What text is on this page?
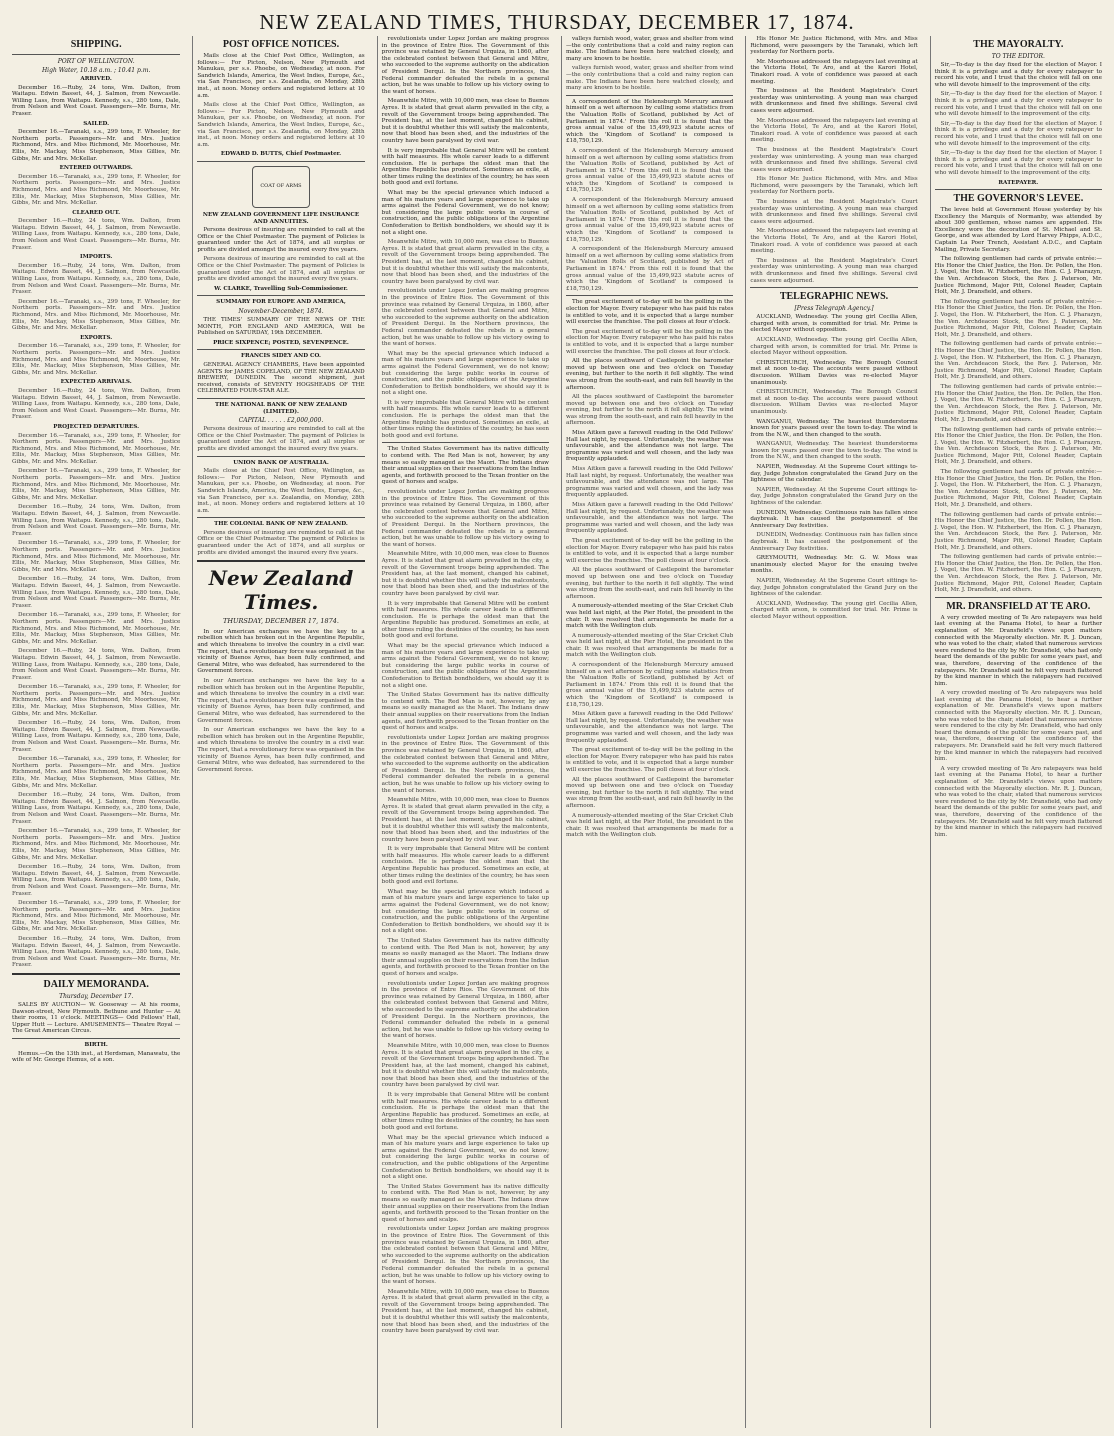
NEW ZEALAND TIMES, THURSDAY, DECEMBER 17, 1874.
SHIPPING.
PORT OF WELLINGTON.
High Water, 10.18 a.m. ; 10.41 p.m.
ARRIVED.

December 16.—Ruby, 24 tons, Wm. Dalton, from Waitapu. Edwin Basset, 44, J. Salmon, from Newcastle. Willing Lass, from Waitapu. Kennedy, s.s., 280 tons, Dale, from Nelson and West Coast. Passengers—Mr. Burns, Mr. Fraser.

SAILED.

December 16.—Taranaki, s.s., 299 tons, F. Wheeler, for Northern ports. Passengers—Mr. and Mrs. Justice Richmond, Mrs. and Miss Richmond, Mr. Moorhouse, Mr. Ellis, Mr. Mackay, Miss Stephenson, Miss Gillies, Mr. Gibbs, Mr. and Mrs. McKellar.

ENTERED OUTWARDS.

December 16.—Taranaki, s.s., 299 tons, F. Wheeler, for Northern ports. Passengers—Mr. and Mrs. Justice Richmond, Mrs. and Miss Richmond, Mr. Moorhouse, Mr. Ellis, Mr. Mackay, Miss Stephenson, Miss Gillies, Mr. Gibbs, Mr. and Mrs. McKellar.

CLEARED OUT.

December 16.—Ruby, 24 tons, Wm. Dalton, from Waitapu. Edwin Basset, 44, J. Salmon, from Newcastle. Willing Lass, from Waitapu. Kennedy, s.s., 280 tons, Dale, from Nelson and West Coast. Passengers—Mr. Burns, Mr. Fraser.

IMPORTS.

December 16.—Ruby, 24 tons, Wm. Dalton, from Waitapu. Edwin Basset, 44, J. Salmon, from Newcastle. Willing Lass, from Waitapu. Kennedy, s.s., 280 tons, Dale, from Nelson and West Coast. Passengers—Mr. Burns, Mr. Fraser.

December 16.—Taranaki, s.s., 299 tons, F. Wheeler, for Northern ports. Passengers—Mr. and Mrs. Justice Richmond, Mrs. and Miss Richmond, Mr. Moorhouse, Mr. Ellis, Mr. Mackay, Miss Stephenson, Miss Gillies, Mr. Gibbs, Mr. and Mrs. McKellar.

EXPORTS.

December 16.—Taranaki, s.s., 299 tons, F. Wheeler, for Northern ports. Passengers—Mr. and Mrs. Justice Richmond, Mrs. and Miss Richmond, Mr. Moorhouse, Mr. Ellis, Mr. Mackay, Miss Stephenson, Miss Gillies, Mr. Gibbs, Mr. and Mrs. McKellar.

EXPECTED ARRIVALS.

December 16.—Ruby, 24 tons, Wm. Dalton, from Waitapu. Edwin Basset, 44, J. Salmon, from Newcastle. Willing Lass, from Waitapu. Kennedy, s.s., 280 tons, Dale, from Nelson and West Coast. Passengers—Mr. Burns, Mr. Fraser.

PROJECTED DEPARTURES.

December 16.—Taranaki, s.s., 299 tons, F. Wheeler, for Northern ports. Passengers—Mr. and Mrs. Justice Richmond, Mrs. and Miss Richmond, Mr. Moorhouse, Mr. Ellis, Mr. Mackay, Miss Stephenson, Miss Gillies, Mr. Gibbs, Mr. and Mrs. McKellar.

December 16.—Taranaki, s.s., 299 tons, F. Wheeler, for Northern ports. Passengers—Mr. and Mrs. Justice Richmond, Mrs. and Miss Richmond, Mr. Moorhouse, Mr. Ellis, Mr. Mackay, Miss Stephenson, Miss Gillies, Mr. Gibbs, Mr. and Mrs. McKellar.

December 16.—Ruby, 24 tons, Wm. Dalton, from Waitapu. Edwin Basset, 44, J. Salmon, from Newcastle. Willing Lass, from Waitapu. Kennedy, s.s., 280 tons, Dale, from Nelson and West Coast. Passengers—Mr. Burns, Mr. Fraser.

December 16.—Taranaki, s.s., 299 tons, F. Wheeler, for Northern ports. Passengers—Mr. and Mrs. Justice Richmond, Mrs. and Miss Richmond, Mr. Moorhouse, Mr. Ellis, Mr. Mackay, Miss Stephenson, Miss Gillies, Mr. Gibbs, Mr. and Mrs. McKellar.

December 16.—Ruby, 24 tons, Wm. Dalton, from Waitapu. Edwin Basset, 44, J. Salmon, from Newcastle. Willing Lass, from Waitapu. Kennedy, s.s., 280 tons, Dale, from Nelson and West Coast. Passengers—Mr. Burns, Mr. Fraser.

December 16.—Taranaki, s.s., 299 tons, F. Wheeler, for Northern ports. Passengers—Mr. and Mrs. Justice Richmond, Mrs. and Miss Richmond, Mr. Moorhouse, Mr. Ellis, Mr. Mackay, Miss Stephenson, Miss Gillies, Mr. Gibbs, Mr. and Mrs. McKellar.

December 16.—Ruby, 24 tons, Wm. Dalton, from Waitapu. Edwin Basset, 44, J. Salmon, from Newcastle. Willing Lass, from Waitapu. Kennedy, s.s., 280 tons, Dale, from Nelson and West Coast. Passengers—Mr. Burns, Mr. Fraser.

December 16.—Taranaki, s.s., 299 tons, F. Wheeler, for Northern ports. Passengers—Mr. and Mrs. Justice Richmond, Mrs. and Miss Richmond, Mr. Moorhouse, Mr. Ellis, Mr. Mackay, Miss Stephenson, Miss Gillies, Mr. Gibbs, Mr. and Mrs. McKellar.

December 16.—Ruby, 24 tons, Wm. Dalton, from Waitapu. Edwin Basset, 44, J. Salmon, from Newcastle. Willing Lass, from Waitapu. Kennedy, s.s., 280 tons, Dale, from Nelson and West Coast. Passengers—Mr. Burns, Mr. Fraser.

December 16.—Taranaki, s.s., 299 tons, F. Wheeler, for Northern ports. Passengers—Mr. and Mrs. Justice Richmond, Mrs. and Miss Richmond, Mr. Moorhouse, Mr. Ellis, Mr. Mackay, Miss Stephenson, Miss Gillies, Mr. Gibbs, Mr. and Mrs. McKellar.

December 16.—Ruby, 24 tons, Wm. Dalton, from Waitapu. Edwin Basset, 44, J. Salmon, from Newcastle. Willing Lass, from Waitapu. Kennedy, s.s., 280 tons, Dale, from Nelson and West Coast. Passengers—Mr. Burns, Mr. Fraser.

December 16.—Taranaki, s.s., 299 tons, F. Wheeler, for Northern ports. Passengers—Mr. and Mrs. Justice Richmond, Mrs. and Miss Richmond, Mr. Moorhouse, Mr. Ellis, Mr. Mackay, Miss Stephenson, Miss Gillies, Mr. Gibbs, Mr. and Mrs. McKellar.

December 16.—Ruby, 24 tons, Wm. Dalton, from Waitapu. Edwin Basset, 44, J. Salmon, from Newcastle. Willing Lass, from Waitapu. Kennedy, s.s., 280 tons, Dale, from Nelson and West Coast. Passengers—Mr. Burns, Mr. Fraser.

December 16.—Taranaki, s.s., 299 tons, F. Wheeler, for Northern ports. Passengers—Mr. and Mrs. Justice Richmond, Mrs. and Miss Richmond, Mr. Moorhouse, Mr. Ellis, Mr. Mackay, Miss Stephenson, Miss Gillies, Mr. Gibbs, Mr. and Mrs. McKellar.

December 16.—Ruby, 24 tons, Wm. Dalton, from Waitapu. Edwin Basset, 44, J. Salmon, from Newcastle. Willing Lass, from Waitapu. Kennedy, s.s., 280 tons, Dale, from Nelson and West Coast. Passengers—Mr. Burns, Mr. Fraser.

DAILY MEMORANDA.
Thursday, December 17.

SALES BY AUCTION— W. Gooseway — At his rooms, Dawson-street, New Plymouth. Bethune and Hunter — At their rooms, 11 o'clock. MEETINGS— Odd Fellows' Hall, Upper Hutt — Lecture. AMUSEMENTS— Theatre Royal — The Great American Circus.

BIRTH.

Hemus.—On the 13th inst., at Herdsman, Manawatu, the wife of Mr. George Hemus, of a son.

POST OFFICE NOTICES.

Mails close at the Chief Post Office, Wellington, as follows:— For Picton, Nelson, New Plymouth and Manukau, per s.s. Phoebe, on Wednesday, at noon. For Sandwich Islands, America, the West Indies, Europe, &c., via San Francisco, per s.s. Zealandia, on Monday, 28th inst., at noon. Money orders and registered letters at 10 a.m.

Mails close at the Chief Post Office, Wellington, as follows:— For Picton, Nelson, New Plymouth and Manukau, per s.s. Phoebe, on Wednesday, at noon. For Sandwich Islands, America, the West Indies, Europe, &c., via San Francisco, per s.s. Zealandia, on Monday, 28th inst., at noon. Money orders and registered letters at 10 a.m.

EDWARD D. BUTTS, Chief Postmaster.
COAT OF ARMS
NEW ZEALAND GOVERNMENT LIFE INSURANCE AND ANNUITIES.

Persons desirous of insuring are reminded to call at the Office or the Chief Postmaster. The payment of Policies is guaranteed under the Act of 1874, and all surplus or profits are divided amongst the insured every five years.

Persons desirous of insuring are reminded to call at the Office or the Chief Postmaster. The payment of Policies is guaranteed under the Act of 1874, and all surplus or profits are divided amongst the insured every five years.

W. CLARKE, Travelling Sub-Commissioner.
SUMMARY FOR EUROPE AND AMERICA,
November-December, 1874.

THE TIMES' SUMMARY OF THE NEWS OF THE MONTH, FOR ENGLAND AND AMERICA, Will be Published on SATURDAY, 19th DECEMBER.

PRICE SIXPENCE; POSTED, SEVENPENCE.
FRANCIS SIDEY AND CO.

GENERAL AGENCY CHAMBERS, Have been appointed AGENTS for JAMES COPELAND, OF THE NEW ZEALAND BREWERY, DUNEDIN. The second shipment, just received, consists of SEVENTY HOGSHEADS OF THE CELEBRATED FOUR-STAR ALE.

THE NATIONAL BANK OF NEW ZEALAND (LIMITED).
CAPITAL . . . . . £2,000,000.

Persons desirous of insuring are reminded to call at the Office or the Chief Postmaster. The payment of Policies is guaranteed under the Act of 1874, and all surplus or profits are divided amongst the insured every five years.

UNION BANK OF AUSTRALIA.

Mails close at the Chief Post Office, Wellington, as follows:— For Picton, Nelson, New Plymouth and Manukau, per s.s. Phoebe, on Wednesday, at noon. For Sandwich Islands, America, the West Indies, Europe, &c., via San Francisco, per s.s. Zealandia, on Monday, 28th inst., at noon. Money orders and registered letters at 10 a.m.

THE COLONIAL BANK OF NEW ZEALAND.

Persons desirous of insuring are reminded to call at the Office or the Chief Postmaster. The payment of Policies is guaranteed under the Act of 1874, and all surplus or profits are divided amongst the insured every five years.

New Zealand Times.
THURSDAY, DECEMBER 17, 1874.

In our American exchanges we have the key to a rebellion which has broken out in the Argentine Republic, and which threatens to involve the country in a civil war. The report, that a revolutionary force was organised in the vicinity of Buenos Ayres, has been fully confirmed, and General Mitre, who was defeated, has surrendered to the Government forces.

In our American exchanges we have the key to a rebellion which has broken out in the Argentine Republic, and which threatens to involve the country in a civil war. The report, that a revolutionary force was organised in the vicinity of Buenos Ayres, has been fully confirmed, and General Mitre, who was defeated, has surrendered to the Government forces.

In our American exchanges we have the key to a rebellion which has broken out in the Argentine Republic, and which threatens to involve the country in a civil war. The report, that a revolutionary force was organised in the vicinity of Buenos Ayres, has been fully confirmed, and General Mitre, who was defeated, has surrendered to the Government forces.

revolutionists under Lopez Jordan are making progress in the province of Entre Rios. The Government of this province was retained by General Urquiza, in 1860, after the celebrated contest between that General and Mitre, who succeeded to the supreme authority on the abdication of President Derqui. In the Northern provinces, the Federal commander defeated the rebels in a general action, but he was unable to follow up his victory owing to the want of horses.

Meanwhile Mitre, with 10,000 men, was close to Buenos Ayres. It is stated that great alarm prevailed in the city, a revolt of the Government troops being apprehended. The President has, at the last moment, changed his cabinet, but it is doubtful whether this will satisfy the malcontents, now that blood has been shed, and the industries of the country have been paralysed by civil war.

It is very improbable that General Mitre will be content with half measures. His whole career leads to a different conclusion. He is perhaps the oldest man that the Argentine Republic has produced. Sometimes an exile, at other times ruling the destinies of the country, he has seen both good and evil fortune.

What may be the special grievance which induced a man of his mature years and large experience to take up arms against the Federal Government, we do not know; but considering the large public works in course of construction, and the public obligations of the Argentine Confederation to British bondholders, we should say it is not a slight one.

Meanwhile Mitre, with 10,000 men, was close to Buenos Ayres. It is stated that great alarm prevailed in the city, a revolt of the Government troops being apprehended. The President has, at the last moment, changed his cabinet, but it is doubtful whether this will satisfy the malcontents, now that blood has been shed, and the industries of the country have been paralysed by civil war.

revolutionists under Lopez Jordan are making progress in the province of Entre Rios. The Government of this province was retained by General Urquiza, in 1860, after the celebrated contest between that General and Mitre, who succeeded to the supreme authority on the abdication of President Derqui. In the Northern provinces, the Federal commander defeated the rebels in a general action, but he was unable to follow up his victory owing to the want of horses.

What may be the special grievance which induced a man of his mature years and large experience to take up arms against the Federal Government, we do not know; but considering the large public works in course of construction, and the public obligations of the Argentine Confederation to British bondholders, we should say it is not a slight one.

It is very improbable that General Mitre will be content with half measures. His whole career leads to a different conclusion. He is perhaps the oldest man that the Argentine Republic has produced. Sometimes an exile, at other times ruling the destinies of the country, he has seen both good and evil fortune.

The United States Government has its native difficulty to contend with. The Red Man is not, however, by any means so easily managed as the Maori. The Indians draw their annual supplies on their reservations from the Indian agents, and forthwith proceed to the Texan frontier on the quest of horses and scalps.

revolutionists under Lopez Jordan are making progress in the province of Entre Rios. The Government of this province was retained by General Urquiza, in 1860, after the celebrated contest between that General and Mitre, who succeeded to the supreme authority on the abdication of President Derqui. In the Northern provinces, the Federal commander defeated the rebels in a general action, but he was unable to follow up his victory owing to the want of horses.

Meanwhile Mitre, with 10,000 men, was close to Buenos Ayres. It is stated that great alarm prevailed in the city, a revolt of the Government troops being apprehended. The President has, at the last moment, changed his cabinet, but it is doubtful whether this will satisfy the malcontents, now that blood has been shed, and the industries of the country have been paralysed by civil war.

It is very improbable that General Mitre will be content with half measures. His whole career leads to a different conclusion. He is perhaps the oldest man that the Argentine Republic has produced. Sometimes an exile, at other times ruling the destinies of the country, he has seen both good and evil fortune.

What may be the special grievance which induced a man of his mature years and large experience to take up arms against the Federal Government, we do not know; but considering the large public works in course of construction, and the public obligations of the Argentine Confederation to British bondholders, we should say it is not a slight one.

The United States Government has its native difficulty to contend with. The Red Man is not, however, by any means so easily managed as the Maori. The Indians draw their annual supplies on their reservations from the Indian agents, and forthwith proceed to the Texan frontier on the quest of horses and scalps.

revolutionists under Lopez Jordan are making progress in the province of Entre Rios. The Government of this province was retained by General Urquiza, in 1860, after the celebrated contest between that General and Mitre, who succeeded to the supreme authority on the abdication of President Derqui. In the Northern provinces, the Federal commander defeated the rebels in a general action, but he was unable to follow up his victory owing to the want of horses.

Meanwhile Mitre, with 10,000 men, was close to Buenos Ayres. It is stated that great alarm prevailed in the city, a revolt of the Government troops being apprehended. The President has, at the last moment, changed his cabinet, but it is doubtful whether this will satisfy the malcontents, now that blood has been shed, and the industries of the country have been paralysed by civil war.

It is very improbable that General Mitre will be content with half measures. His whole career leads to a different conclusion. He is perhaps the oldest man that the Argentine Republic has produced. Sometimes an exile, at other times ruling the destinies of the country, he has seen both good and evil fortune.

What may be the special grievance which induced a man of his mature years and large experience to take up arms against the Federal Government, we do not know; but considering the large public works in course of construction, and the public obligations of the Argentine Confederation to British bondholders, we should say it is not a slight one.

The United States Government has its native difficulty to contend with. The Red Man is not, however, by any means so easily managed as the Maori. The Indians draw their annual supplies on their reservations from the Indian agents, and forthwith proceed to the Texan frontier on the quest of horses and scalps.

revolutionists under Lopez Jordan are making progress in the province of Entre Rios. The Government of this province was retained by General Urquiza, in 1860, after the celebrated contest between that General and Mitre, who succeeded to the supreme authority on the abdication of President Derqui. In the Northern provinces, the Federal commander defeated the rebels in a general action, but he was unable to follow up his victory owing to the want of horses.

Meanwhile Mitre, with 10,000 men, was close to Buenos Ayres. It is stated that great alarm prevailed in the city, a revolt of the Government troops being apprehended. The President has, at the last moment, changed his cabinet, but it is doubtful whether this will satisfy the malcontents, now that blood has been shed, and the industries of the country have been paralysed by civil war.

It is very improbable that General Mitre will be content with half measures. His whole career leads to a different conclusion. He is perhaps the oldest man that the Argentine Republic has produced. Sometimes an exile, at other times ruling the destinies of the country, he has seen both good and evil fortune.

What may be the special grievance which induced a man of his mature years and large experience to take up arms against the Federal Government, we do not know; but considering the large public works in course of construction, and the public obligations of the Argentine Confederation to British bondholders, we should say it is not a slight one.

The United States Government has its native difficulty to contend with. The Red Man is not, however, by any means so easily managed as the Maori. The Indians draw their annual supplies on their reservations from the Indian agents, and forthwith proceed to the Texan frontier on the quest of horses and scalps.

revolutionists under Lopez Jordan are making progress in the province of Entre Rios. The Government of this province was retained by General Urquiza, in 1860, after the celebrated contest between that General and Mitre, who succeeded to the supreme authority on the abdication of President Derqui. In the Northern provinces, the Federal commander defeated the rebels in a general action, but he was unable to follow up his victory owing to the want of horses.

Meanwhile Mitre, with 10,000 men, was close to Buenos Ayres. It is stated that great alarm prevailed in the city, a revolt of the Government troops being apprehended. The President has, at the last moment, changed his cabinet, but it is doubtful whether this will satisfy the malcontents, now that blood has been shed, and the industries of the country have been paralysed by civil war.

valleys furnish wood, water, grass and shelter from wind—the only contributions that a cold and rainy region can make. The Indians have been here watched closely, and many are known to be hostile.

valleys furnish wood, water, grass and shelter from wind—the only contributions that a cold and rainy region can make. The Indians have been here watched closely, and many are known to be hostile.

A correspondent of the Helensburgh Mercury amused himself on a wet afternoon by culling some statistics from the 'Valuation Rolls of Scotland, published by Act of Parliament in 1874.' From this roll it is found that the gross annual value of the 15,499,923 statute acres of which the 'Kingdom of Scotland' is composed is £18,750,129.

A correspondent of the Helensburgh Mercury amused himself on a wet afternoon by culling some statistics from the 'Valuation Rolls of Scotland, published by Act of Parliament in 1874.' From this roll it is found that the gross annual value of the 15,499,923 statute acres of which the 'Kingdom of Scotland' is composed is £18,750,129.

A correspondent of the Helensburgh Mercury amused himself on a wet afternoon by culling some statistics from the 'Valuation Rolls of Scotland, published by Act of Parliament in 1874.' From this roll it is found that the gross annual value of the 15,499,923 statute acres of which the 'Kingdom of Scotland' is composed is £18,750,129.

A correspondent of the Helensburgh Mercury amused himself on a wet afternoon by culling some statistics from the 'Valuation Rolls of Scotland, published by Act of Parliament in 1874.' From this roll it is found that the gross annual value of the 15,499,923 statute acres of which the 'Kingdom of Scotland' is composed is £18,750,129.

The great excitement of to-day will be the polling in the election for Mayor. Every ratepayer who has paid his rates is entitled to vote, and it is expected that a large number will exercise the franchise. The poll closes at four o'clock.

The great excitement of to-day will be the polling in the election for Mayor. Every ratepayer who has paid his rates is entitled to vote, and it is expected that a large number will exercise the franchise. The poll closes at four o'clock.

All the places southward of Castlepoint the barometer moved up between one and two o'clock on Tuesday evening, but further to the north it fell slightly. The wind was strong from the south-east, and rain fell heavily in the afternoon.

All the places southward of Castlepoint the barometer moved up between one and two o'clock on Tuesday evening, but further to the north it fell slightly. The wind was strong from the south-east, and rain fell heavily in the afternoon.

Miss Aitken gave a farewell reading in the Odd Fellows' Hall last night, by request. Unfortunately, the weather was unfavourable, and the attendance was not large. The programme was varied and well chosen, and the lady was frequently applauded.

Miss Aitken gave a farewell reading in the Odd Fellows' Hall last night, by request. Unfortunately, the weather was unfavourable, and the attendance was not large. The programme was varied and well chosen, and the lady was frequently applauded.

Miss Aitken gave a farewell reading in the Odd Fellows' Hall last night, by request. Unfortunately, the weather was unfavourable, and the attendance was not large. The programme was varied and well chosen, and the lady was frequently applauded.

The great excitement of to-day will be the polling in the election for Mayor. Every ratepayer who has paid his rates is entitled to vote, and it is expected that a large number will exercise the franchise. The poll closes at four o'clock.

All the places southward of Castlepoint the barometer moved up between one and two o'clock on Tuesday evening, but further to the north it fell slightly. The wind was strong from the south-east, and rain fell heavily in the afternoon.

A numerously-attended meeting of the Star Cricket Club was held last night, at the Pier Hotel, the president in the chair. It was resolved that arrangements be made for a match with the Wellington club.

A numerously-attended meeting of the Star Cricket Club was held last night, at the Pier Hotel, the president in the chair. It was resolved that arrangements be made for a match with the Wellington club.

A correspondent of the Helensburgh Mercury amused himself on a wet afternoon by culling some statistics from the 'Valuation Rolls of Scotland, published by Act of Parliament in 1874.' From this roll it is found that the gross annual value of the 15,499,923 statute acres of which the 'Kingdom of Scotland' is composed is £18,750,129.

Miss Aitken gave a farewell reading in the Odd Fellows' Hall last night, by request. Unfortunately, the weather was unfavourable, and the attendance was not large. The programme was varied and well chosen, and the lady was frequently applauded.

The great excitement of to-day will be the polling in the election for Mayor. Every ratepayer who has paid his rates is entitled to vote, and it is expected that a large number will exercise the franchise. The poll closes at four o'clock.

All the places southward of Castlepoint the barometer moved up between one and two o'clock on Tuesday evening, but further to the north it fell slightly. The wind was strong from the south-east, and rain fell heavily in the afternoon.

A numerously-attended meeting of the Star Cricket Club was held last night, at the Pier Hotel, the president in the chair. It was resolved that arrangements be made for a match with the Wellington club.

His Honor Mr. Justice Richmond, with Mrs. and Miss Richmond, were passengers by the Taranaki, which left yesterday for Northern ports.

Mr. Moorhouse addressed the ratepayers last evening at the Victoria Hotel, Te Aro, and at the Karori Hotel, Tinakori road. A vote of confidence was passed at each meeting.

The business at the Resident Magistrate's Court yesterday was uninteresting. A young man was charged with drunkenness and fined five shillings. Several civil cases were adjourned.

Mr. Moorhouse addressed the ratepayers last evening at the Victoria Hotel, Te Aro, and at the Karori Hotel, Tinakori road. A vote of confidence was passed at each meeting.

The business at the Resident Magistrate's Court yesterday was uninteresting. A young man was charged with drunkenness and fined five shillings. Several civil cases were adjourned.

His Honor Mr. Justice Richmond, with Mrs. and Miss Richmond, were passengers by the Taranaki, which left yesterday for Northern ports.

The business at the Resident Magistrate's Court yesterday was uninteresting. A young man was charged with drunkenness and fined five shillings. Several civil cases were adjourned.

Mr. Moorhouse addressed the ratepayers last evening at the Victoria Hotel, Te Aro, and at the Karori Hotel, Tinakori road. A vote of confidence was passed at each meeting.

The business at the Resident Magistrate's Court yesterday was uninteresting. A young man was charged with drunkenness and fined five shillings. Several civil cases were adjourned.

TELEGRAPHIC NEWS.
[Press Telegraph Agency.]

AUCKLAND, Wednesday. The young girl Cecilia Allen, charged with arson, is committed for trial. Mr. Prime is elected Mayor without opposition.

AUCKLAND, Wednesday. The young girl Cecilia Allen, charged with arson, is committed for trial. Mr. Prime is elected Mayor without opposition.

CHRISTCHURCH, Wednesday. The Borough Council met at noon to-day. The accounts were passed without discussion. William Davies was re-elected Mayor unanimously.

CHRISTCHURCH, Wednesday. The Borough Council met at noon to-day. The accounts were passed without discussion. William Davies was re-elected Mayor unanimously.

WANGANUI, Wednesday. The heaviest thunderstorms known for years passed over the town to-day. The wind is from the N.W., and then changed to the south.

WANGANUI, Wednesday. The heaviest thunderstorms known for years passed over the town to-day. The wind is from the N.W., and then changed to the south.

NAPIER, Wednesday. At the Supreme Court sittings to-day, Judge Johnston congratulated the Grand Jury on the lightness of the calendar.

NAPIER, Wednesday. At the Supreme Court sittings to-day, Judge Johnston congratulated the Grand Jury on the lightness of the calendar.

DUNEDIN, Wednesday. Continuous rain has fallen since daybreak. It has caused the postponement of the Anniversary Day festivities.

DUNEDIN, Wednesday. Continuous rain has fallen since daybreak. It has caused the postponement of the Anniversary Day festivities.

GREYMOUTH, Wednesday. Mr. G. W. Moss was unanimously elected Mayor for the ensuing twelve months.

NAPIER, Wednesday. At the Supreme Court sittings to-day, Judge Johnston congratulated the Grand Jury on the lightness of the calendar.

AUCKLAND, Wednesday. The young girl Cecilia Allen, charged with arson, is committed for trial. Mr. Prime is elected Mayor without opposition.

THE MAYORALTY.
TO THE EDITOR.

Sir,—To-day is the day fixed for the election of Mayor. I think it is a privilege and a duty for every ratepayer to record his vote, and I trust that the choice will fall on one who will devote himself to the improvement of the city.

Sir,—To-day is the day fixed for the election of Mayor. I think it is a privilege and a duty for every ratepayer to record his vote, and I trust that the choice will fall on one who will devote himself to the improvement of the city.

Sir,—To-day is the day fixed for the election of Mayor. I think it is a privilege and a duty for every ratepayer to record his vote, and I trust that the choice will fall on one who will devote himself to the improvement of the city.

Sir,—To-day is the day fixed for the election of Mayor. I think it is a privilege and a duty for every ratepayer to record his vote, and I trust that the choice will fall on one who will devote himself to the improvement of the city.

RATEPAYER.
THE GOVERNOR'S LEVEE.

The levee held at Government House yesterday by his Excellency the Marquis of Normanby, was attended by about 300 gentlemen, whose names are appended. His Excellency wore the decoration of St. Michael and St. George, and was attended by Lord Harvey Phipps, A.D.C., Captain La Poer Trench, Assistant A.D.C., and Captain Mailing, Private Secretary.

The following gentlemen had cards of private entrée:—His Honor the Chief Justice, the Hon. Dr. Pollen, the Hon. J. Vogel, the Hon. W. Fitzherbert, the Hon. C. J. Pharazyn, the Ven. Archdeacon Stock, the Rev. J. Paterson, Mr. Justice Richmond, Major Pitt, Colonel Reader, Captain Holt, Mr. J. Dransfield, and others.

The following gentlemen had cards of private entrée:—His Honor the Chief Justice, the Hon. Dr. Pollen, the Hon. J. Vogel, the Hon. W. Fitzherbert, the Hon. C. J. Pharazyn, the Ven. Archdeacon Stock, the Rev. J. Paterson, Mr. Justice Richmond, Major Pitt, Colonel Reader, Captain Holt, Mr. J. Dransfield, and others.

The following gentlemen had cards of private entrée:—His Honor the Chief Justice, the Hon. Dr. Pollen, the Hon. J. Vogel, the Hon. W. Fitzherbert, the Hon. C. J. Pharazyn, the Ven. Archdeacon Stock, the Rev. J. Paterson, Mr. Justice Richmond, Major Pitt, Colonel Reader, Captain Holt, Mr. J. Dransfield, and others.

The following gentlemen had cards of private entrée:—His Honor the Chief Justice, the Hon. Dr. Pollen, the Hon. J. Vogel, the Hon. W. Fitzherbert, the Hon. C. J. Pharazyn, the Ven. Archdeacon Stock, the Rev. J. Paterson, Mr. Justice Richmond, Major Pitt, Colonel Reader, Captain Holt, Mr. J. Dransfield, and others.

The following gentlemen had cards of private entrée:—His Honor the Chief Justice, the Hon. Dr. Pollen, the Hon. J. Vogel, the Hon. W. Fitzherbert, the Hon. C. J. Pharazyn, the Ven. Archdeacon Stock, the Rev. J. Paterson, Mr. Justice Richmond, Major Pitt, Colonel Reader, Captain Holt, Mr. J. Dransfield, and others.

The following gentlemen had cards of private entrée:—His Honor the Chief Justice, the Hon. Dr. Pollen, the Hon. J. Vogel, the Hon. W. Fitzherbert, the Hon. C. J. Pharazyn, the Ven. Archdeacon Stock, the Rev. J. Paterson, Mr. Justice Richmond, Major Pitt, Colonel Reader, Captain Holt, Mr. J. Dransfield, and others.

The following gentlemen had cards of private entrée:—His Honor the Chief Justice, the Hon. Dr. Pollen, the Hon. J. Vogel, the Hon. W. Fitzherbert, the Hon. C. J. Pharazyn, the Ven. Archdeacon Stock, the Rev. J. Paterson, Mr. Justice Richmond, Major Pitt, Colonel Reader, Captain Holt, Mr. J. Dransfield, and others.

The following gentlemen had cards of private entrée:—His Honor the Chief Justice, the Hon. Dr. Pollen, the Hon. J. Vogel, the Hon. W. Fitzherbert, the Hon. C. J. Pharazyn, the Ven. Archdeacon Stock, the Rev. J. Paterson, Mr. Justice Richmond, Major Pitt, Colonel Reader, Captain Holt, Mr. J. Dransfield, and others.

MR. DRANSFIELD AT TE ARO.

A very crowded meeting of Te Aro ratepayers was held last evening at the Panama Hotel, to hear a further explanation of Mr. Dransfield's views upon matters connected with the Mayoralty election. Mr. R. J. Duncan, who was voted to the chair, stated that numerous services were rendered to the city by Mr. Dransfield, who had only heard the demands of the public for some years past, and was, therefore, deserving of the confidence of the ratepayers. Mr. Dransfield said he felt very much flattered by the kind manner in which the ratepayers had received him.

A very crowded meeting of Te Aro ratepayers was held last evening at the Panama Hotel, to hear a further explanation of Mr. Dransfield's views upon matters connected with the Mayoralty election. Mr. R. J. Duncan, who was voted to the chair, stated that numerous services were rendered to the city by Mr. Dransfield, who had only heard the demands of the public for some years past, and was, therefore, deserving of the confidence of the ratepayers. Mr. Dransfield said he felt very much flattered by the kind manner in which the ratepayers had received him.

A very crowded meeting of Te Aro ratepayers was held last evening at the Panama Hotel, to hear a further explanation of Mr. Dransfield's views upon matters connected with the Mayoralty election. Mr. R. J. Duncan, who was voted to the chair, stated that numerous services were rendered to the city by Mr. Dransfield, who had only heard the demands of the public for some years past, and was, therefore, deserving of the confidence of the ratepayers. Mr. Dransfield said he felt very much flattered by the kind manner in which the ratepayers had received him.
